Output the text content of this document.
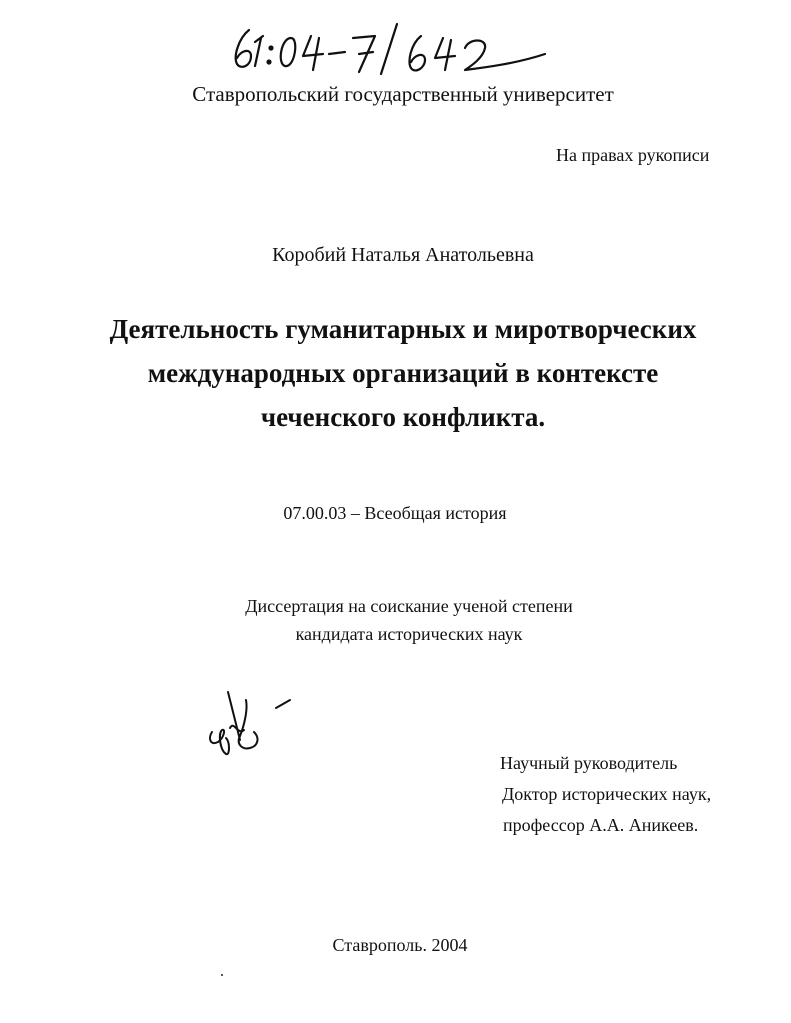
Ставропольский государственный университет
На правах рукописи
Коробий Наталья Анатольевна
Деятельность гуманитарных и миротворческих
международных организаций в контексте
чеченского конфликта.
07.00.03 – Всеобщая история
Диссертация на соискание ученой степени
кандидата исторических наук
Научный руководитель
Доктор исторических наук,
профессор А.А. Аникеев.
Ставрополь. 2004
